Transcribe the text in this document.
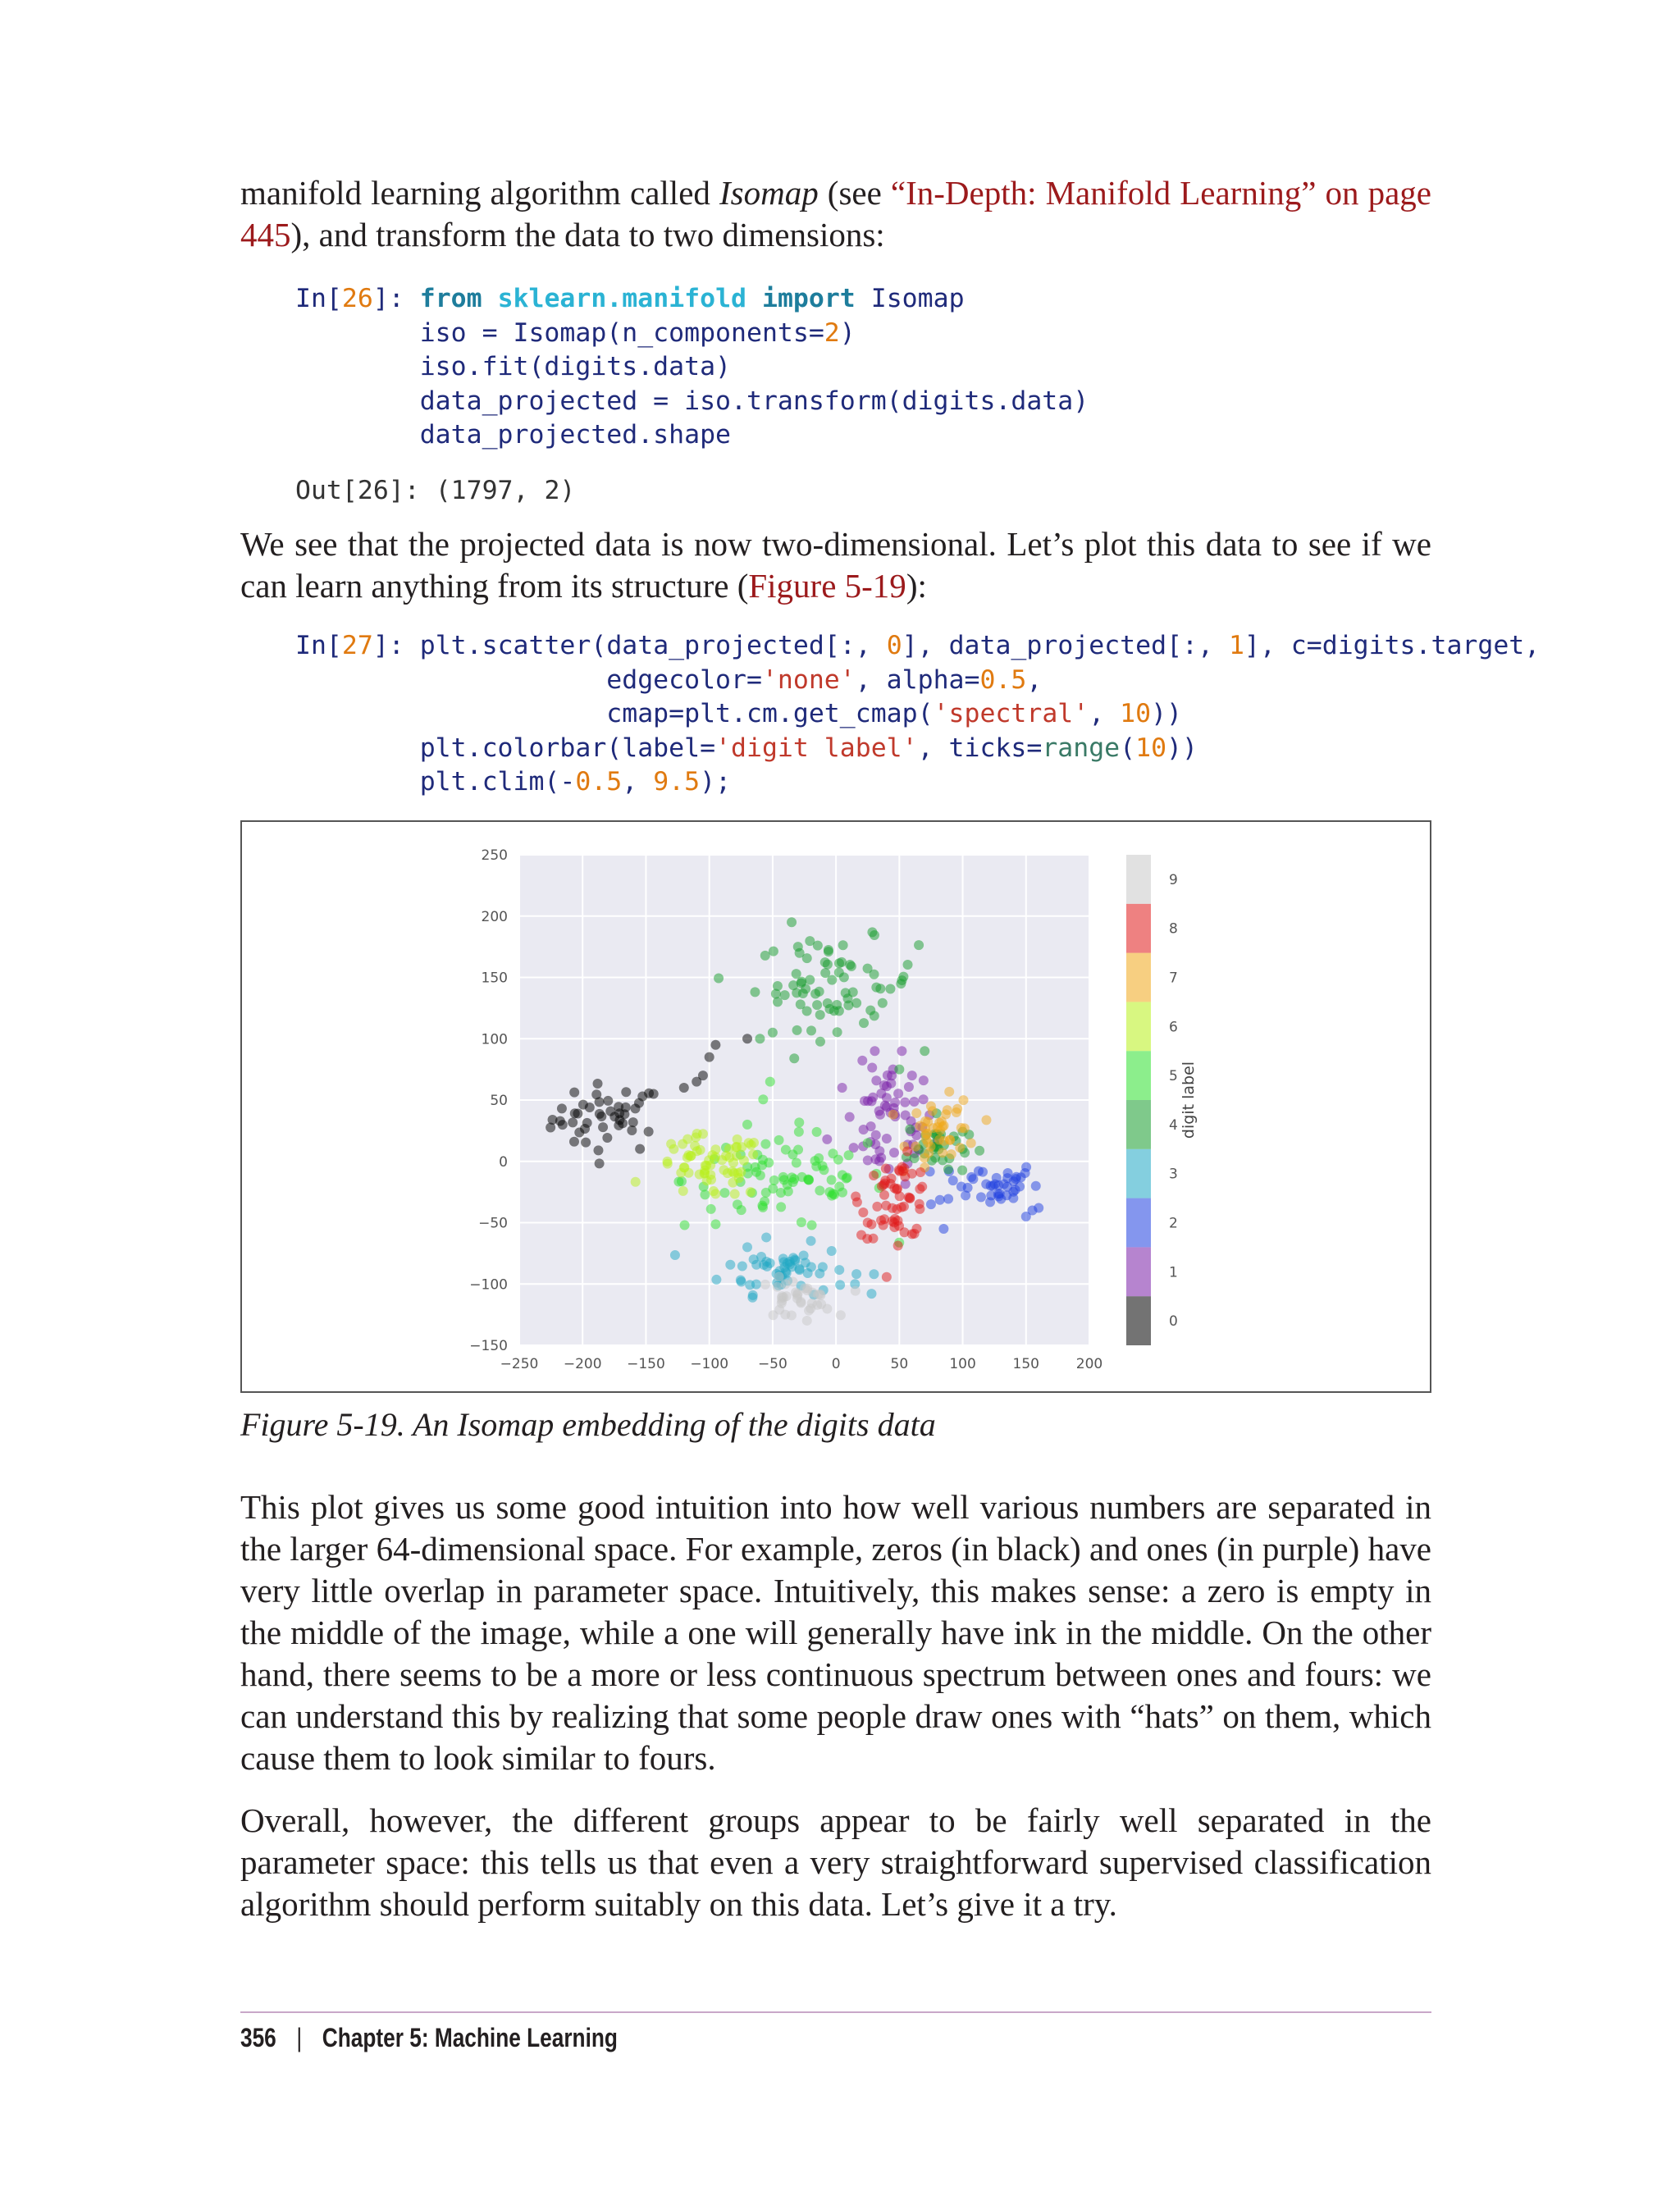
manifold learning algorithm called Isomap (see “In-Depth: Manifold Learning” on page 445), and transform the data to two dimensions:

In[26]: from sklearn.manifold import Isomap
iso = Isomap(n_components=2)
iso.fit(digits.data)
data_projected = iso.transform(digits.data)
data_projected.shape
Out[26]: (1797, 2)

We see that the projected data is now two-dimensional. Let’s plot this data to see if we can learn anything from its structure (Figure 5-19):

In[27]: plt.scatter(data_projected[:, 0], data_projected[:, 1], c=digits.target,
edgecolor='none', alpha=0.5,
cmap=plt.cm.get_cmap('spectral', 10))
plt.colorbar(label='digit label', ticks=range(10))
plt.clim(-0.5, 9.5);
−250 −200 −150 −100 −50	0	50	100	150	200
−150
−100
−50
0
50
100
150
200
250
0
1
2
3
4
5
6
7
8
9
digit label

Figure 5-19. An Isomap embedding of the digits data

This plot gives us some good intuition into how well various numbers are separated in the larger 64-dimensional space. For example, zeros (in black) and ones (in purple) have very little overlap in parameter space. Intuitively, this makes sense: a zero is empty in the middle of the image, while a one will generally have ink in the middle. On the other hand, there seems to be a more or less continuous spectrum between ones and fours: we can understand this by realizing that some people draw ones with “hats” on them, which cause them to look similar to fours.

Overall, however, the different groups appear to be fairly well separated in the parameter space: this tells us that even a very straightforward supervised classification algorithm should perform suitably on this data. Let’s give it a try.

356 | Chapter 5: Machine Learning
